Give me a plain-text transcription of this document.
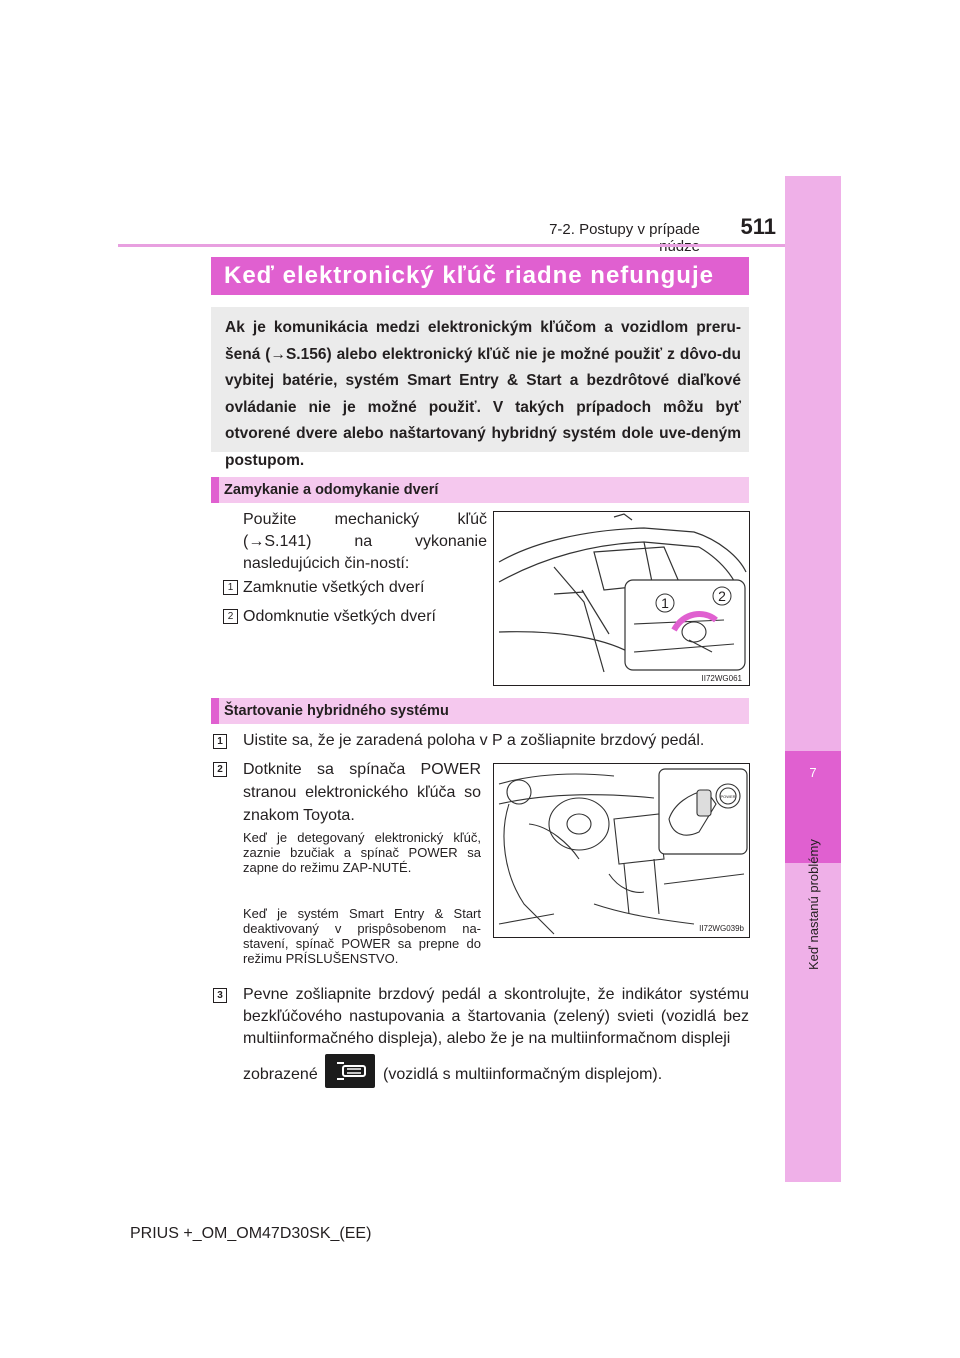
7
Keď nastanú problémy
7-2. Postupy v prípade	511
Keď elektronický kľúč riadne nefunguje
Ak je komunikácia medzi elektronickým kľúčom a vozidlom preru-šená (→S.156) alebo elektronický kľúč nie je možné použiť z dôvo-du vybitej batérie, systém Smart Entry & Start a bezdrôtové diaľkové ovládanie nie je možné použiť. V takých prípadoch môžu byť otvorené dvere alebo naštartovaný hybridný systém dole uve-deným postupom.
Zamykanie a odomykanie dverí
Použite mechanický kľúč (→S.141) na vykonanie nasledujúcich čin-ností:
1 Zamknutie všetkých dverí
2 Odomknutie všetkých dverí
1	2
II72WG061
Štartovanie hybridného systému
1 Uistite sa, že je zaradená poloha v P a zošliapnite brzdový pedál.
2 Dotknite sa spínača POWER stranou elektronického kľúča so znakom Toyota.
Keď je detegovaný elektronický kľúč, zaznie bzučiak a spínač POWER sa zapne do režimu ZAP-NUTÉ.
Keď je systém Smart Entry & Start deaktivovaný v prispôsobenom na-stavení, spínač POWER sa prepne do režimu PRÍSLUŠENSTVO.
POWER
II72WG039b
3 Pevne zošliapnite brzdový pedál a skontrolujte, že indikátor systému bezkľúčového nastupovania a štartovania (zelený) svieti (vozidlá bez multiinformačného displeja), alebo že je na multiinformačnom displeji
zobrazené	(vozidlá s multiinformačným displejom).
PRIUS +_OM_OM47D30SK_(EE)
